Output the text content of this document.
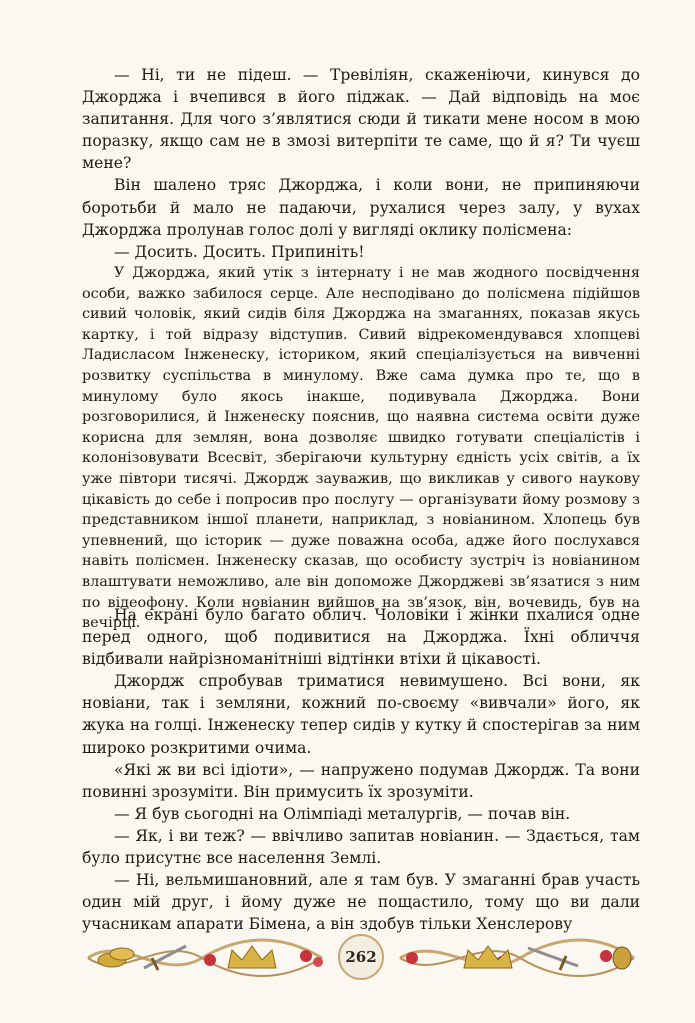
— Ні, ти не підеш. — Тревіліян, скаженіючи, кинувся до Джорджа і вчепився в його піджак. — Дай відповідь на моє запитання. Для чого з’являтися сюди й тикати мене носом в мою поразку, якщо сам не в змозі витерпіти те саме, що й я? Ти чуєш мене?

Він шалено тряс Джорджа, і коли вони, не припиняючи боротьби й мало не падаючи, рухалися через залу, у вухах Джорджа пролунав голос долі у вигляді оклику полісмена:

— Досить. Досить. Припиніть!

У Джорджа, який утік з інтернату і не мав жодного посвідчення особи, важко забилося серце. Але несподівано до полісмена підійшов сивий чоловік, який сидів біля Джорджа на змаганнях, показав якусь картку, і той відразу відступив. Сивий відрекомендувався хлопцеві Ладисласом Інженеску, істориком, який спеціалізується на вивченні розвитку суспільства в минулому. Вже сама думка про те, що в минулому було якось інакше, подивувала Джорджа. Вони розговорилися, й Інженеску пояснив, що наявна система освіти дуже корисна для землян, вона дозволяє швидко готувати спеціалістів і колонізовувати Всесвіт, зберігаючи культурну єдність усіх світів, а їх уже півтори тисячі. Джордж зауважив, що викликав у сивого наукову цікавість до себе і попросив про послугу — організувати йому розмову з представником іншої планети, наприклад, з новіанином. Хлопець був упевнений, що історик — дуже поважна особа, адже його послухався навіть полісмен. Інженеску сказав, що особисту зустріч із новіанином влаштувати неможливо, але він допоможе Джорджеві зв’язатися з ним по відеофону. Коли новіанин вийшов на зв’язок, він, вочевидь, був на вечірці.

На екрані було багато облич. Чоловіки і жінки пхалися одне перед одного, щоб подивитися на Джорджа. Їхні обличчя відбивали найрізноманітніші відтінки втіхи й цікавості.

Джордж спробував триматися невимушено. Всі вони, як новіани, так і земляни, кожний по-своєму «вивчали» його, як жука на голці. Інженеску тепер сидів у кутку й спостерігав за ним широко розкритими очима.

«Які ж ви всі ідіоти», — напружено подумав Джордж. Та вони повинні зрозуміти. Він примусить їх зрозуміти.

— Я був сьогодні на Олімпіаді металургів, — почав він.

— Як, і ви теж? — ввічливо запитав новіанин. — Здається, там було присутнє все населення Землі.

— Ні, вельмишановний, але я там був. У змаганні брав участь один мій друг, і йому дуже не пощастило, тому що ви дали учасникам апарати Бімена, а він здобув тільки Хенслерову

262
